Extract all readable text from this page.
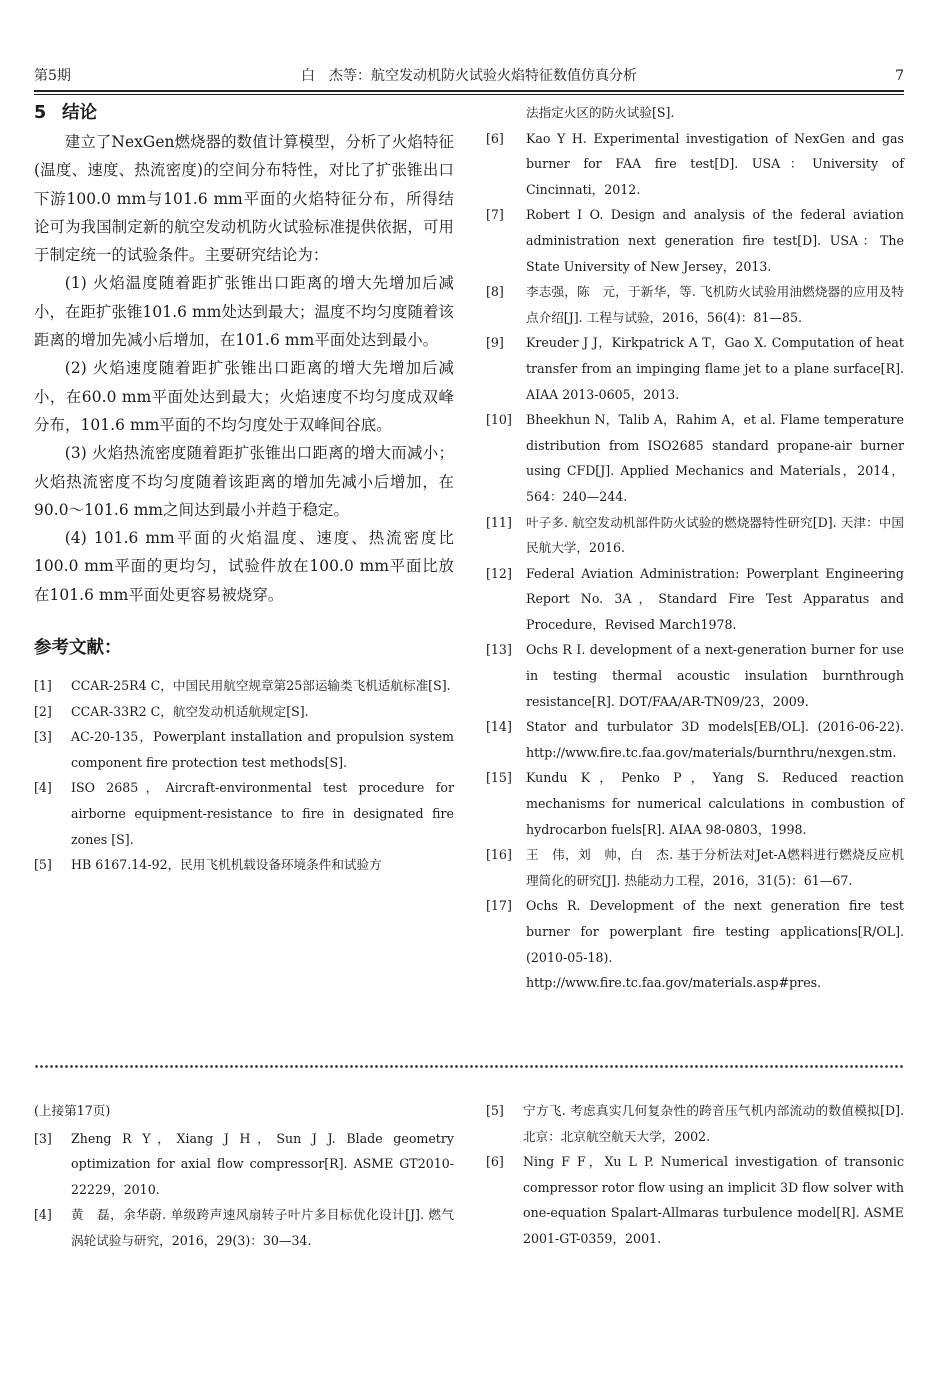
第5期	白　杰等：航空发动机防火试验火焰特征数值仿真分析	7
5 结论

建立了NexGen燃烧器的数值计算模型，分析了火焰特征(温度、速度、热流密度)的空间分布特性，对比了扩张锥出口下游100.0 mm与101.6 mm平面的火焰特征分布，所得结论可为我国制定新的航空发动机防火试验标准提供依据，可用于制定统一的试验条件。主要研究结论为：

(1) 火焰温度随着距扩张锥出口距离的增大先增加后减小，在距扩张锥101.6 mm处达到最大；温度不均匀度随着该距离的增加先减小后增加，在101.6 mm平面处达到最小。

(2) 火焰速度随着距扩张锥出口距离的增大先增加后减小，在60.0 mm平面处达到最大；火焰速度不均匀度成双峰分布，101.6 mm平面的不均匀度处于双峰间谷底。

(3) 火焰热流密度随着距扩张锥出口距离的增大而减小；火焰热流密度不均匀度随着该距离的增加先减小后增加，在90.0～101.6 mm之间达到最小并趋于稳定。

(4) 101.6 mm平面的火焰温度、速度、热流密度比100.0 mm平面的更均匀，试验件放在100.0 mm平面比放在101.6 mm平面处更容易被烧穿。

参考文献：

[1] CCAR-25R4 C，中国民用航空规章第25部运输类飞机适航标准[S].

[2] CCAR-33R2 C，航空发动机适航规定[S].

[3] AC-20-135，Powerplant installation and propulsion system component fire protection test methods[S].

[4] ISO 2685，Aircraft-environmental test procedure for airborne equipment-resistance to fire in designated fire zones [S].

[5] HB 6167.14-92，民用飞机机载设备环境条件和试验方

法指定火区的防火试验[S].

[6] Kao Y H. Experimental investigation of NexGen and gas burner for FAA fire test[D]. USA：University of Cincinnati，2012.

[7] Robert I O. Design and analysis of the federal aviation administration next generation fire test[D]. USA：The State University of New Jersey，2013.

[8] 李志强，陈　元，于新华，等. 飞机防火试验用油燃烧器的应用及特点介绍[J]. 工程与试验，2016，56(4)：81—85.

[9] Kreuder J J，Kirkpatrick A T，Gao X. Computation of heat transfer from an impinging flame jet to a plane surface[R]. AIAA 2013-0605，2013.

[10] Bheekhun N，Talib A，Rahim A，et al. Flame temperature distribution from ISO2685 standard propane-air burner using CFD[J]. Applied Mechanics and Materials，2014，564：240—244.

[11] 叶子多. 航空发动机部件防火试验的燃烧器特性研究[D]. 天津：中国民航大学，2016.

[12] Federal Aviation Administration: Powerplant Engineering Report No. 3A，Standard Fire Test Apparatus and Procedure，Revised March1978.

[13] Ochs R I. development of a next-generation burner for use in testing thermal acoustic insulation burnthrough resistance[R]. DOT/FAA/AR-TN09/23，2009.

[14] Stator and turbulator 3D models[EB/OL]. (2016-06-22). http://www.fire.tc.faa.gov/materials/burnthru/nexgen.stm.

[15] Kundu K，Penko P，Yang S. Reduced reaction mechanisms for numerical calculations in combustion of hydrocarbon fuels[R]. AIAA 98-0803，1998.

[16] 王　伟，刘　帅，白　杰. 基于分析法对Jet-A燃料进行燃烧反应机理简化的研究[J]. 热能动力工程，2016，31(5)：61—67.

[17] Ochs R. Development of the next generation fire test burner for powerplant fire testing applications[R/OL]. (2010-05-18). http://www.fire.tc.faa.gov/materials.asp#pres.

(上接第17页)

[3] Zheng R Y，Xiang J H，Sun J J. Blade geometry optimization for axial flow compressor[R]. ASME GT2010-22229，2010.

[4] 黄　磊，余华蔚. 单级跨声速风扇转子叶片多目标优化设计[J]. 燃气涡轮试验与研究，2016，29(3)：30—34.

[5] 宁方飞. 考虑真实几何复杂性的跨音压气机内部流动的数值模拟[D]. 北京：北京航空航天大学，2002.

[6] Ning F F，Xu L P. Numerical investigation of transonic compressor rotor flow using an implicit 3D flow solver with one-equation Spalart-Allmaras turbulence model[R]. ASME 2001-GT-0359，2001.
